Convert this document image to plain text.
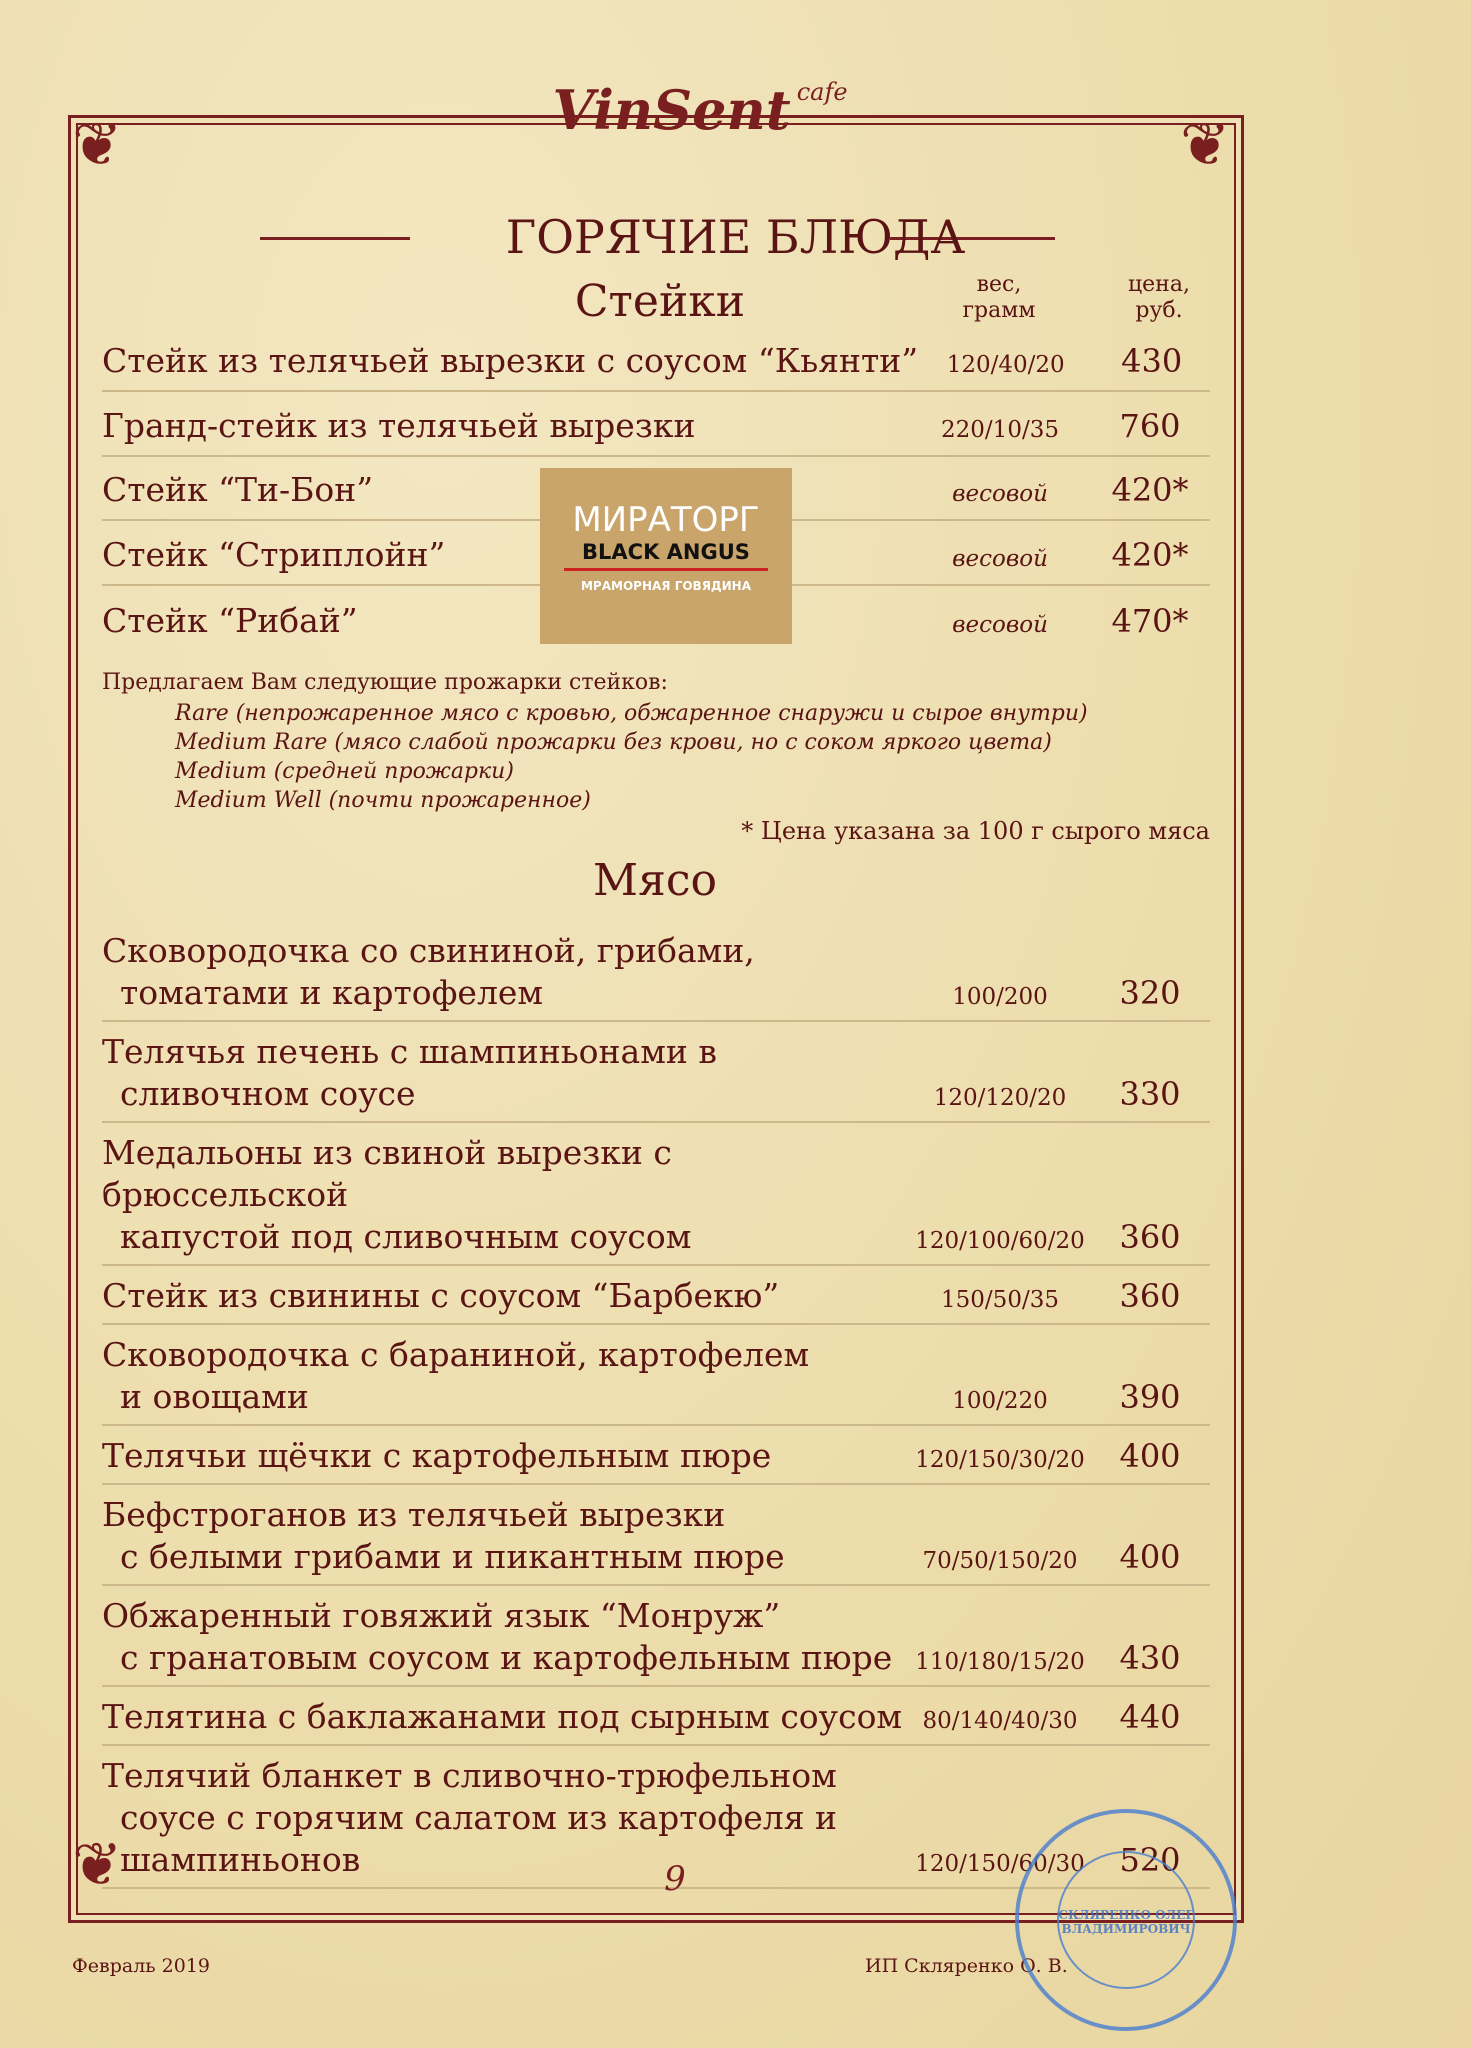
❦	❦
❦
VinSent cafe
ГОРЯЧИЕ БЛЮДА
Стейки	вес,
грамм
цена,
руб.
Стейк из телячьей вырезки с соусом “Кьянти”	120/40/20	430
Гранд-стейк из телячьей вырезки	220/10/35	760
Стейк “Ти-Бон”	весовой	420*
Стейк “Стриплойн”	весовой	420*
Стейк “Рибай”	весовой	470*
МИРАТОРГ
BLACK ANGUS
МРАМОРНАЯ ГОВЯДИНА
Предлагаем Вам следующие прожарки стейков:
Rare (непрожаренное мясо с кровью, обжаренное снаружи и сырое внутри)
Medium Rare (мясо слабой прожарки без крови, но с соком яркого цвета)
Medium (средней прожарки)
Medium Well (почти прожаренное)
* Цена указана за 100 г сырого мяса
Мясо
Сковородочка со свининой, грибами,
томатами и картофелем	100/200	320
Телячья печень с шампиньонами в
сливочном соусе	120/120/20	330
Медальоны из свиной вырезки с брюссельской
капустой под сливочным соусом	120/100/60/20	360
Стейк из свинины с соусом “Барбекю”	150/50/35	360
Сковородочка с бараниной, картофелем
и овощами	100/220	390
Телячьи щёчки с картофельным пюре	120/150/30/20	400
Бефстроганов из телячьей вырезки
с белыми грибами и пикантным пюре	70/50/150/20	400
Обжаренный говяжий язык “Монруж”
с гранатовым соусом и картофельным пюре 110/180/15/20	430
Телятина с баклажанами под сырным соусом 80/140/40/30	440
Телячий бланкет в сливочно-трюфельном
соусе с горячим салатом из картофеля и
шампиньонов	120/150/60/30	520
$^9$
Февраль 2019	ИП Скляренко О. В.
СКЛЯРЕНКО ОЛЕГ ВЛАДИМИРОВИЧ
